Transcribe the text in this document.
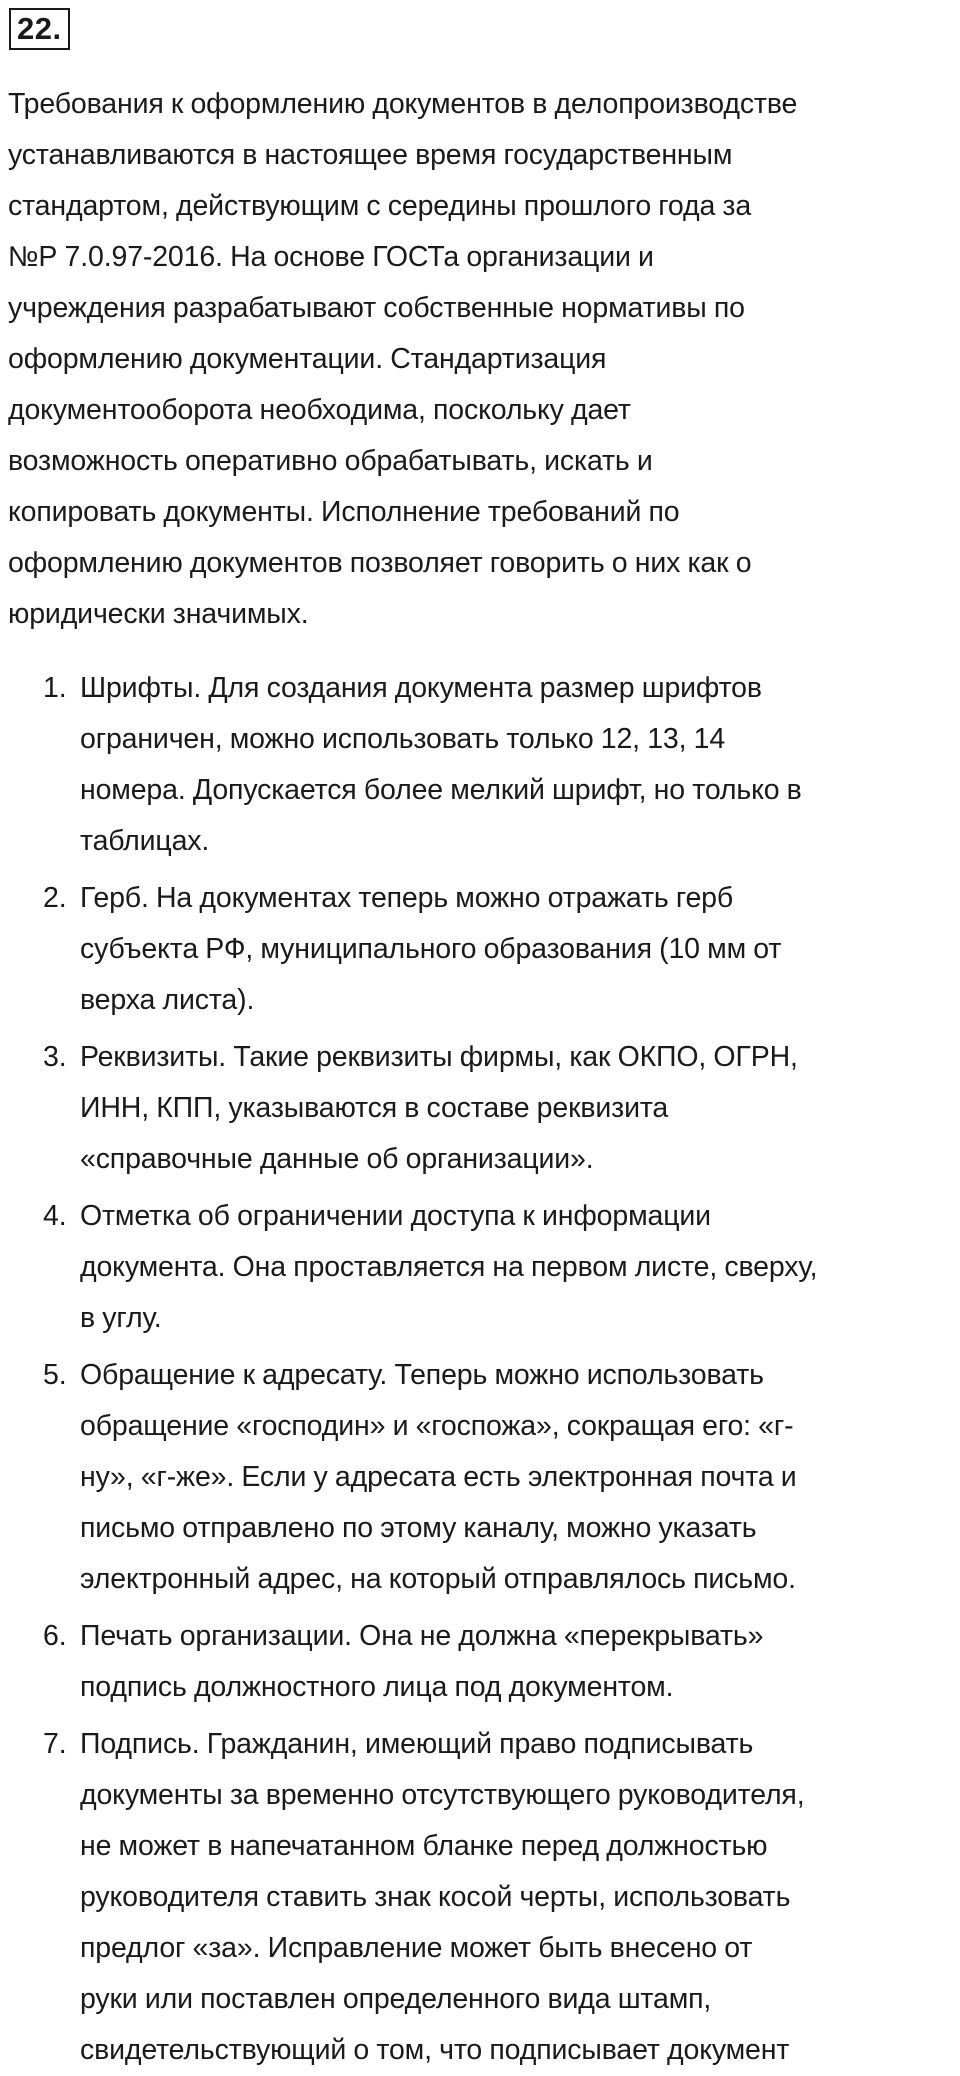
22.

Требования к оформлению документов в делопроизводстве
устанавливаются в настоящее время государственным
стандартом, действующим с середины прошлого года за
№Р 7.0.97-2016. На основе ГОСТа организации и
учреждения разрабатывают собственные нормативы по
оформлению документации. Стандартизация
документооборота необходима, поскольку дает
возможность оперативно обрабатывать, искать и
копировать документы. Исполнение требований по
оформлению документов позволяет говорить о них как о
юридически значимых.

1. Шрифты. Для создания документа размер шрифтов
ограничен, можно использовать только 12, 13, 14
номера. Допускается более мелкий шрифт, но только в
таблицах.
2. Герб. На документах теперь можно отражать герб
субъекта РФ, муниципального образования (10 мм от
верха листа).
3. Реквизиты. Такие реквизиты фирмы, как ОКПО, ОГРН,
ИНН, КПП, указываются в составе реквизита
«справочные данные об организации».
4. Отметка об ограничении доступа к информации
документа. Она проставляется на первом листе, сверху,
в углу.
5. Обращение к адресату. Теперь можно использовать
обращение «господин» и «госпожа», сокращая его: «г-
ну», «г-же». Если у адресата есть электронная почта и
письмо отправлено по этому каналу, можно указать
электронный адрес, на который отправлялось письмо.
6. Печать организации. Она не должна «перекрывать»
подпись должностного лица под документом.
7. Подпись. Гражданин, имеющий право подписывать
документы за временно отсутствующего руководителя,
не может в напечатанном бланке перед должностью
руководителя ставить знак косой черты, использовать
предлог «за». Исправление может быть внесено от
руки или поставлен определенного вида штамп,
свидетельствующий о том, что подписывает документ
